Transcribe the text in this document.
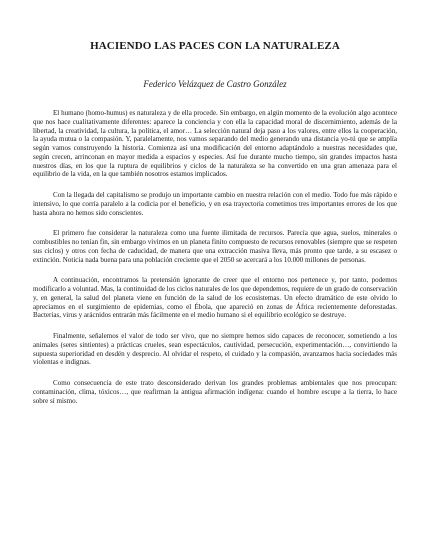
HACIENDO LAS PACES CON LA NATURALEZA

Federico Velázquez de Castro González

El humano (homo-humus) es naturaleza y de ella procede. Sin embargo, en algún momento de la evolución algo acontece que nos hace cualitativamente diferentes: aparece la conciencia y con ella la capacidad moral de discernimiento, además de la libertad, la creatividad, la cultura, la política, el amor… La selección natural deja paso a los valores, entre ellos la cooperación, la ayuda mutua o la compasión. Y, paralelamente, nos vamos separando del medio generando una distancia yo-tú que se amplía según vamos construyendo la historia. Comienza así una modificación del entorno adaptándolo a nuestras necesidades que, según crecen, arrinconan en mayor medida a espacios y especies. Así fue durante mucho tiempo, sin grandes impactos hasta nuestros días, en los que la ruptura de equilibrios y ciclos de la naturaleza se ha convertido en una gran amenaza para el equilibrio de la vida, en la que también nosotros estamos implicados.

Con la llegada del capitalismo se produjo un importante cambio en nuestra relación con el medio. Todo fue más rápido e intensivo, lo que corría paralelo a la codicia por el beneficio, y en esa trayectoria cometimos tres importantes errores de los que hasta ahora no hemos sido conscientes.

El primero fue considerar la naturaleza como una fuente ilimitada de recursos. Parecía que agua, suelos, minerales o combustibles no tenían fin, sin embargo vivimos en un planeta finito compuesto de recursos renovables (siempre que se respeten sus ciclos) y otros con fecha de caducidad, de manera que una extracción masiva lleva, más pronto que tarde, a su escasez o extinción. Noticia nada buena para una población creciente que el 2050 se acercará a los 10.000 millones de personas.

A continuación, encontramos la pretensión ignorante de creer que el entorno nos pertenece y, por tanto, podemos modificarlo a voluntad. Mas, la continuidad de los ciclos naturales de los que dependemos, requiere de un grado de conservación y, en general, la salud del planeta viene en función de la salud de los ecosistemas. Un efecto dramático de este olvido lo apreciamos en el surgimiento de epidemias, como el Ébola, que apareció en zonas de África recientemente deforestadas. Bacterias, virus y arácnidos entrarán más fácilmente en el medio humano si el equilibrio ecológico se destruye.

Finalmente, señalemos el valor de todo ser vivo, que no siempre hemos sido capaces de reconocer, sometiendo a los animales (seres sintientes) a prácticas crueles, sean espectáculos, cautividad, persecución, experimentación…, convirtiendo la supuesta superioridad en desdén y desprecio. Al olvidar el respeto, el cuidado y la compasión, avanzamos hacia sociedades más violentas e indignas.

Como consecuencia de este trato desconsiderado derivan los grandes problemas ambientales que nos preocupan: contaminación, clima, tóxicos…, que reafirman la antigua afirmación indígena: cuando el hombre escupe a la tierra, lo hace sobre sí mismo.
